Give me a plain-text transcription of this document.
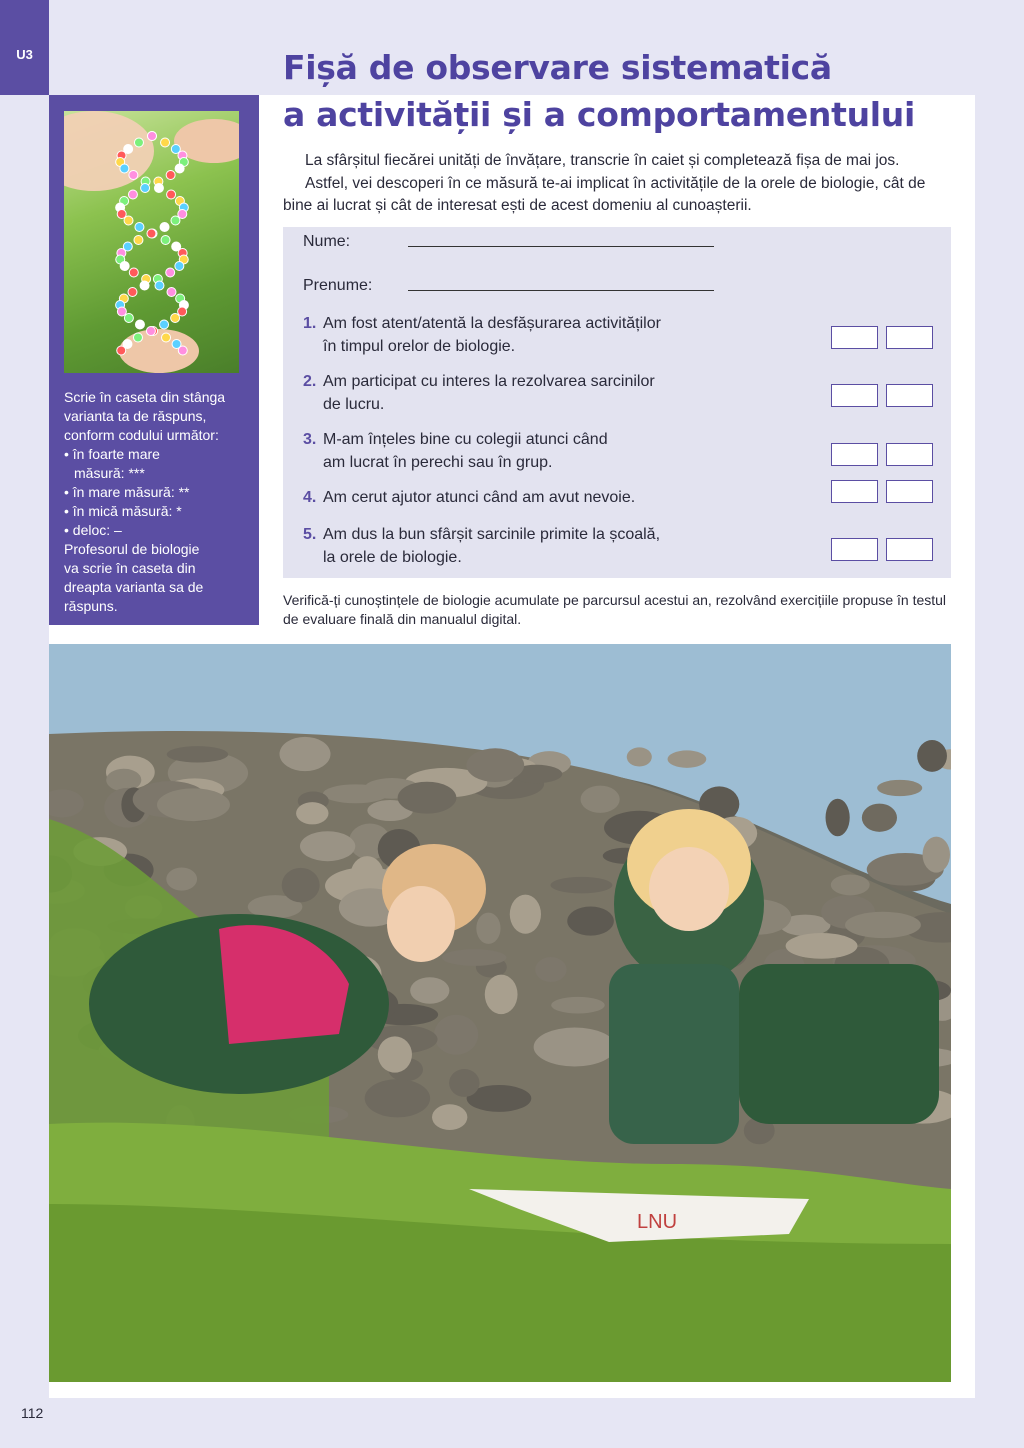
U3	Fișă de observare sistematică
a activității și a comportamentului
Scrie în caseta din stânga
varianta ta de răspuns,
conform codului următor:
• în foarte mare
măsură: ***
• în mare măsură: **
• în mică măsură: *
• deloc: –
Profesorul de biologie
va scrie în caseta din
dreapta varianta sa de
răspuns.

La sfârșitul fiecărei unități de învățare, transcrie în caiet și completează fișa de mai jos.

Astfel, vei descoperi în ce măsură te-ai implicat în activitățile de la orele de biologie, cât de bine ai lucrat și cât de interesat ești de acest domeniu al cunoașterii.

Nume:
Prenume:
1. Am fost atent/atentă la desfășurarea activităților
în timpul orelor de biologie.
2. Am participat cu interes la rezolvarea sarcinilor
de lucru.
3. M-am înțeles bine cu colegii atunci când
am lucrat în perechi sau în grup.
4. Am cerut ajutor atunci când am avut nevoie.
5. Am dus la bun sfârșit sarcinile primite la școală,
la orele de biologie.

Verifică-ți cunoștințele de biologie acumulate pe parcursul acestui an, rezolvând exercițiile propuse în testul de evaluare finală din manualul digital.

LNU
112
